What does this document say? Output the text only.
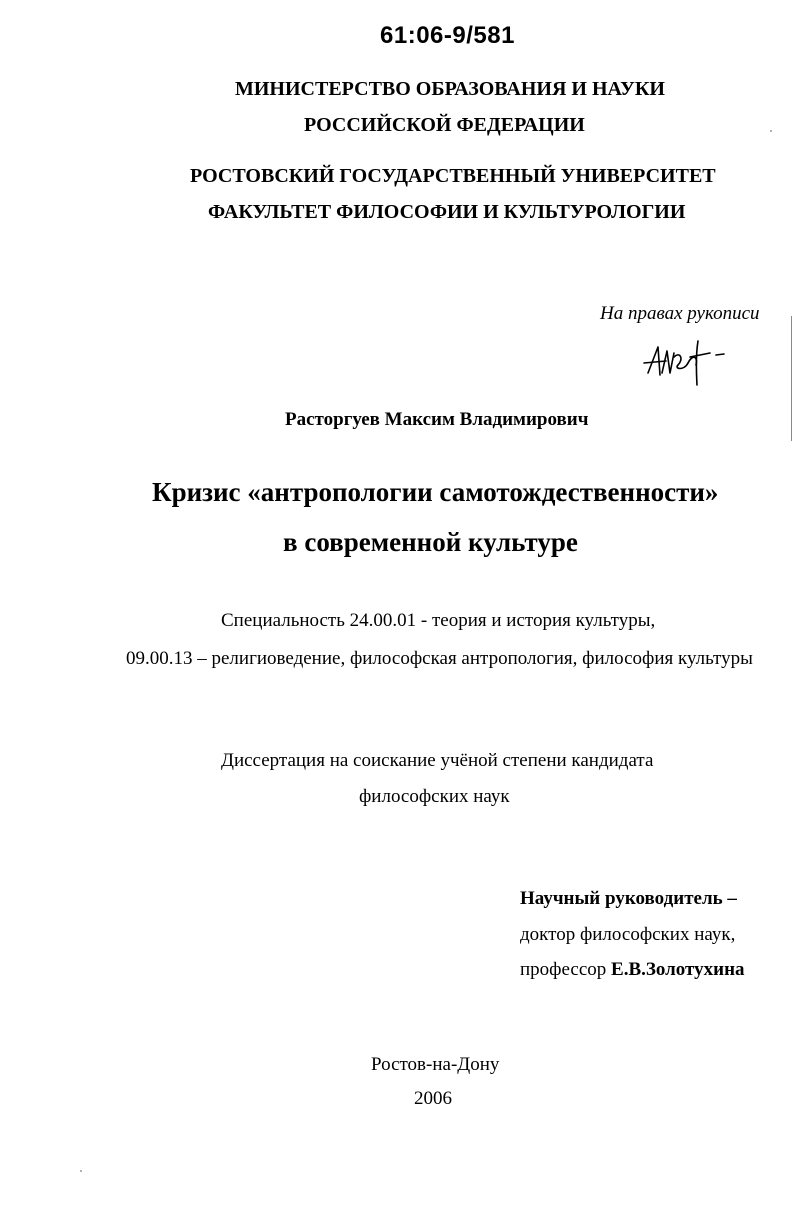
61:06-9/581
МИНИСТЕРСТВО ОБРАЗОВАНИЯ И НАУКИ
РОССИЙСКОЙ ФЕДЕРАЦИИ
РОСТОВСКИЙ ГОСУДАРСТВЕННЫЙ УНИВЕРСИТЕТ
ФАКУЛЬТЕТ ФИЛОСОФИИ И КУЛЬТУРОЛОГИИ
На правах рукописи
Расторгуев Максим Владимирович
Кризис «антропологии самотождественности»
в современной культуре
Специальность 24.00.01 - теория и история культуры,
09.00.13 – религиоведение, философская антропология, философия культуры
Диссертация на соискание учёной степени кандидата
философских наук
Научный руководитель –
доктор философских наук,
профессор Е.В.Золотухина
Ростов-на-Дону
2006
